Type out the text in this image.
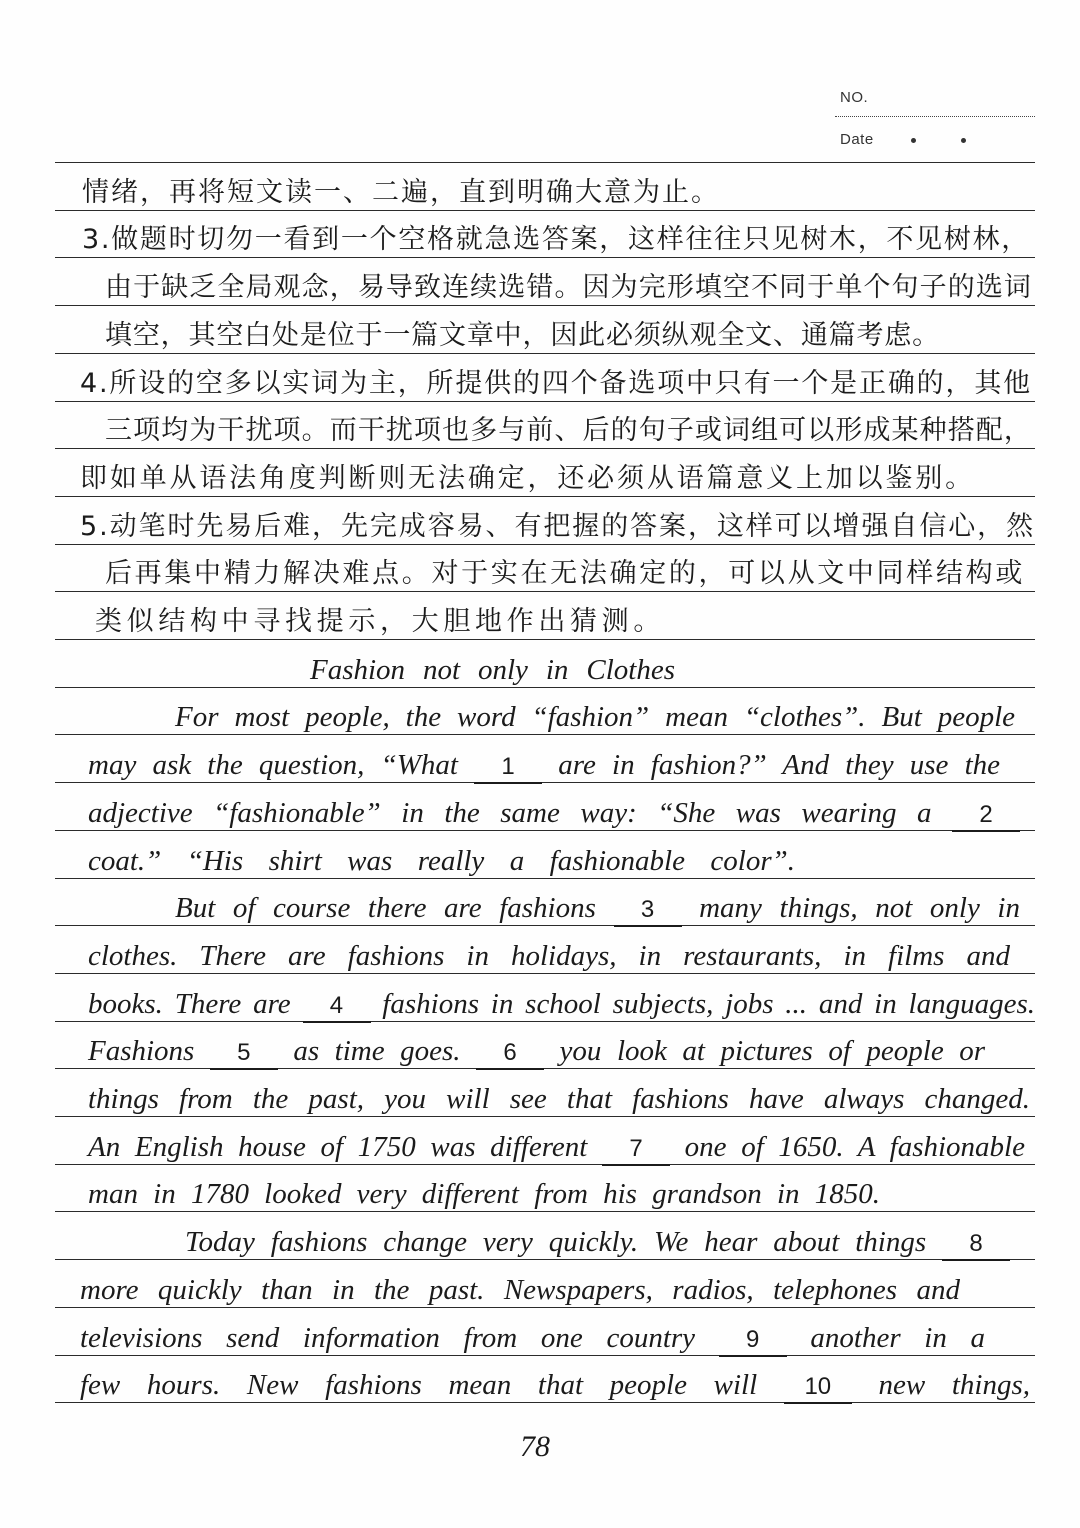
NO.
Date
78
情绪，再将短文读一、二遍，直到明确大意为止。
3.做题时切勿一看到一个空格就急选答案，这样往往只见树木，不见树林，
由于缺乏全局观念，易导致连续选错。因为完形填空不同于单个句子的选词
填空，其空白处是位于一篇文章中，因此必须纵观全文、通篇考虑。
4.所设的空多以实词为主，所提供的四个备选项中只有一个是正确的，其他
三项均为干扰项。而干扰项也多与前、后的句子或词组可以形成某种搭配，
即如单从语法角度判断则无法确定，还必须从语篇意义上加以鉴别。
5.动笔时先易后难，先完成容易、有把握的答案，这样可以增强自信心，然
后再集中精力解决难点。对于实在无法确定的，可以从文中同样结构或
类似结构中寻找提示，大胆地作出猜测。
Fashion not only in Clothes
For most people, the word “fashion” mean “clothes”. But people
may ask the question, “What 1 are in fashion?” And they use the
adjective “fashionable” in the same way: “She was wearing a 2
coat.” “His shirt was really a fashionable color”.
But of course there are fashions 3 many things, not only in
clothes. There are fashions in holidays, in restaurants, in films and
books. There are 4 fashions in school subjects, jobs ... and in languages.
Fashions 5 as time goes. 6 you look at pictures of people or
things from the past, you will see that fashions have always changed.
An English house of 1750 was different 7 one of 1650. A fashionable
man in 1780 looked very different from his grandson in 1850.
Today fashions change very quickly. We hear about things 8
more quickly than in the past. Newspapers, radios, telephones and
televisions send information from one country 9 another in a
few hours. New fashions mean that people will 10 new things,
